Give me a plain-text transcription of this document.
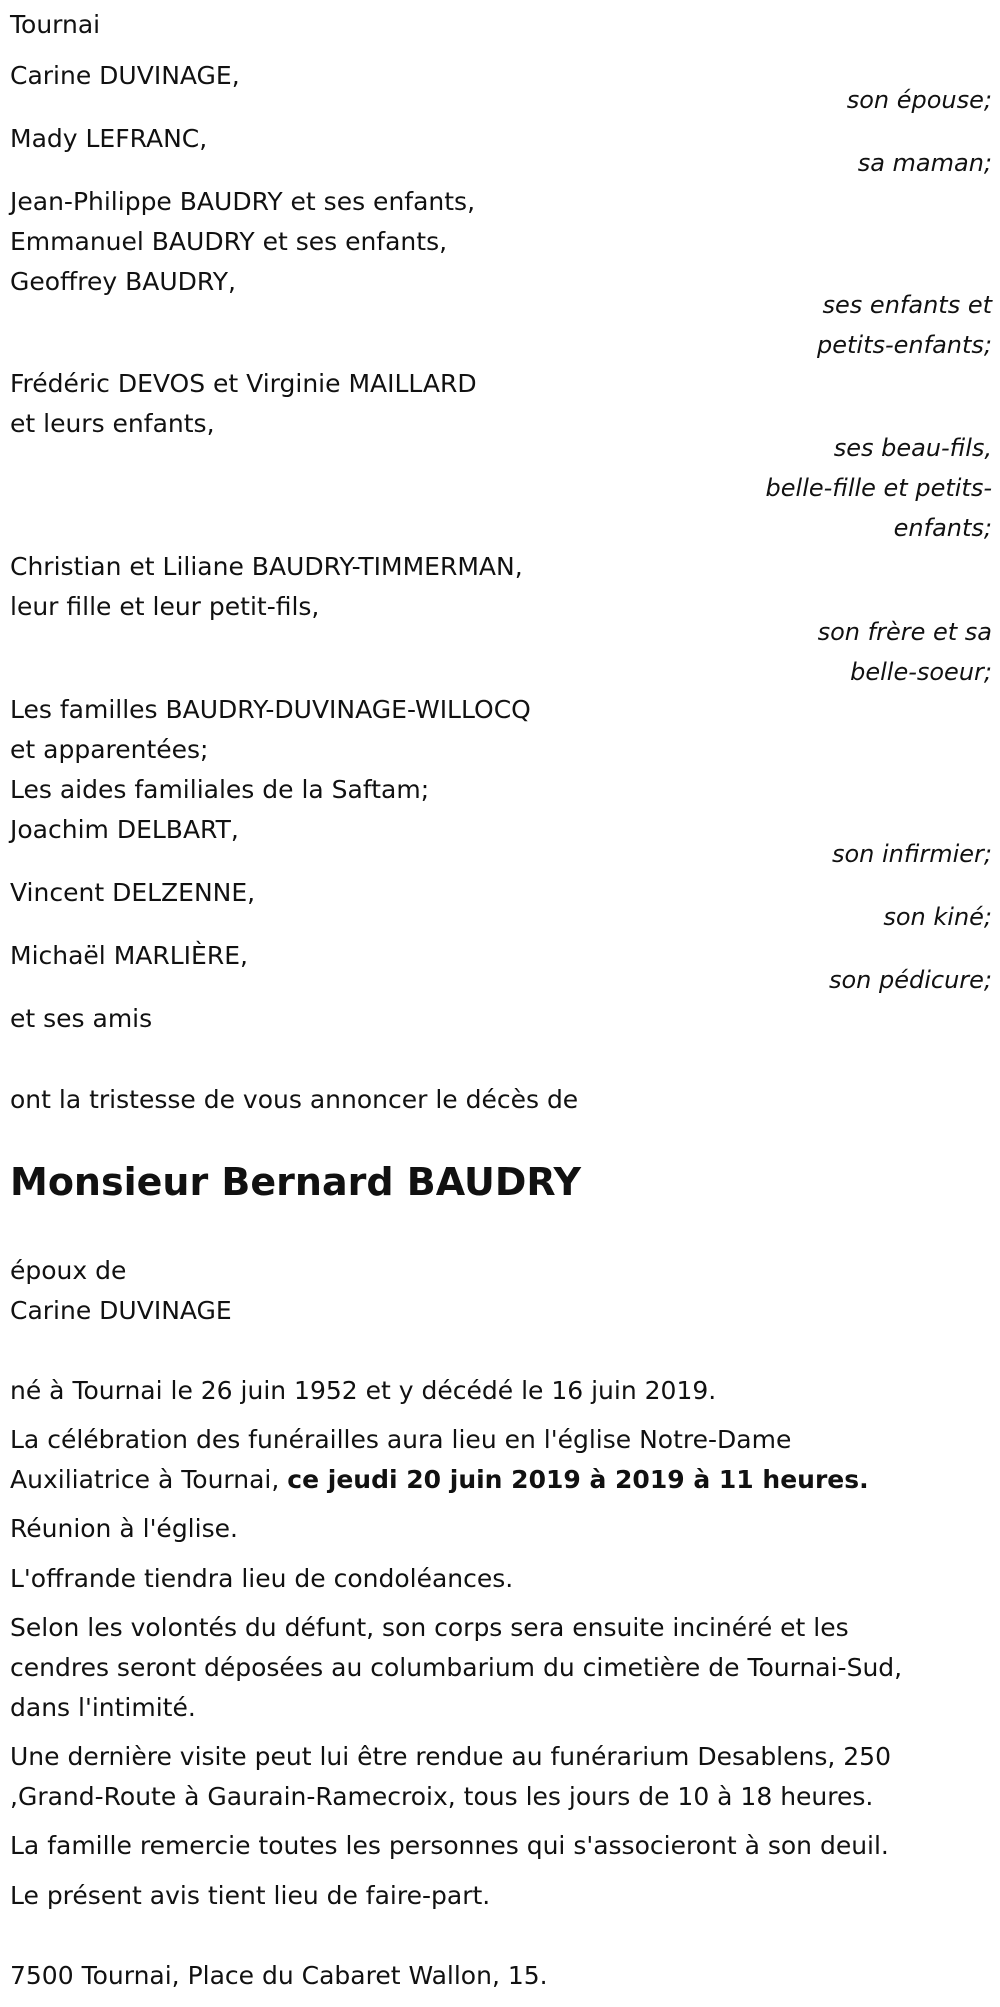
Tournai
Carine DUVINAGE,
son épouse;
Mady LEFRANC,
sa maman;
Jean-Philippe BAUDRY et ses enfants,
Emmanuel BAUDRY et ses enfants,
Geoffrey BAUDRY,
ses enfants et
petits-enfants;
Frédéric DEVOS et Virginie MAILLARD
et leurs enfants,
ses beau-fils,
belle-fille et petits-
enfants;
Christian et Liliane BAUDRY-TIMMERMAN,
leur fille et leur petit-fils,
son frère et sa
belle-soeur;
Les familles BAUDRY-DUVINAGE-WILLOCQ
et apparentées;
Les aides familiales de la Saftam;
Joachim DELBART,
son infirmier;
Vincent DELZENNE,
son kiné;
Michaël MARLIÈRE,
son pédicure;
et ses amis
ont la tristesse de vous annoncer le décès de
Monsieur Bernard BAUDRY
époux de
Carine DUVINAGE
né à Tournai le 26 juin 1952 et y décédé le 16 juin 2019.
La célébration des funérailles aura lieu en l'église Notre-Dame
Auxiliatrice à Tournai, ce jeudi 20 juin 2019 à 2019 à 11 heures.
Réunion à l'église.
L'offrande tiendra lieu de condoléances.
Selon les volontés du défunt, son corps sera ensuite inciné​ré et les
cendres seront déposées au columbarium du cimetière de Tournai-Sud,
dans l'intimité.
Une dernière visite peut lui être rendue au funérarium Desablens, 250
,Grand-Route à Gaurain-Ramecroix, tous les jours de 10 à 18 heures.
La famille remercie toutes les personnes qui s'associeront à son deuil.
Le présent avis tient lieu de faire-part.
7500 Tournai, Place du Cabaret Wallon, 15.
